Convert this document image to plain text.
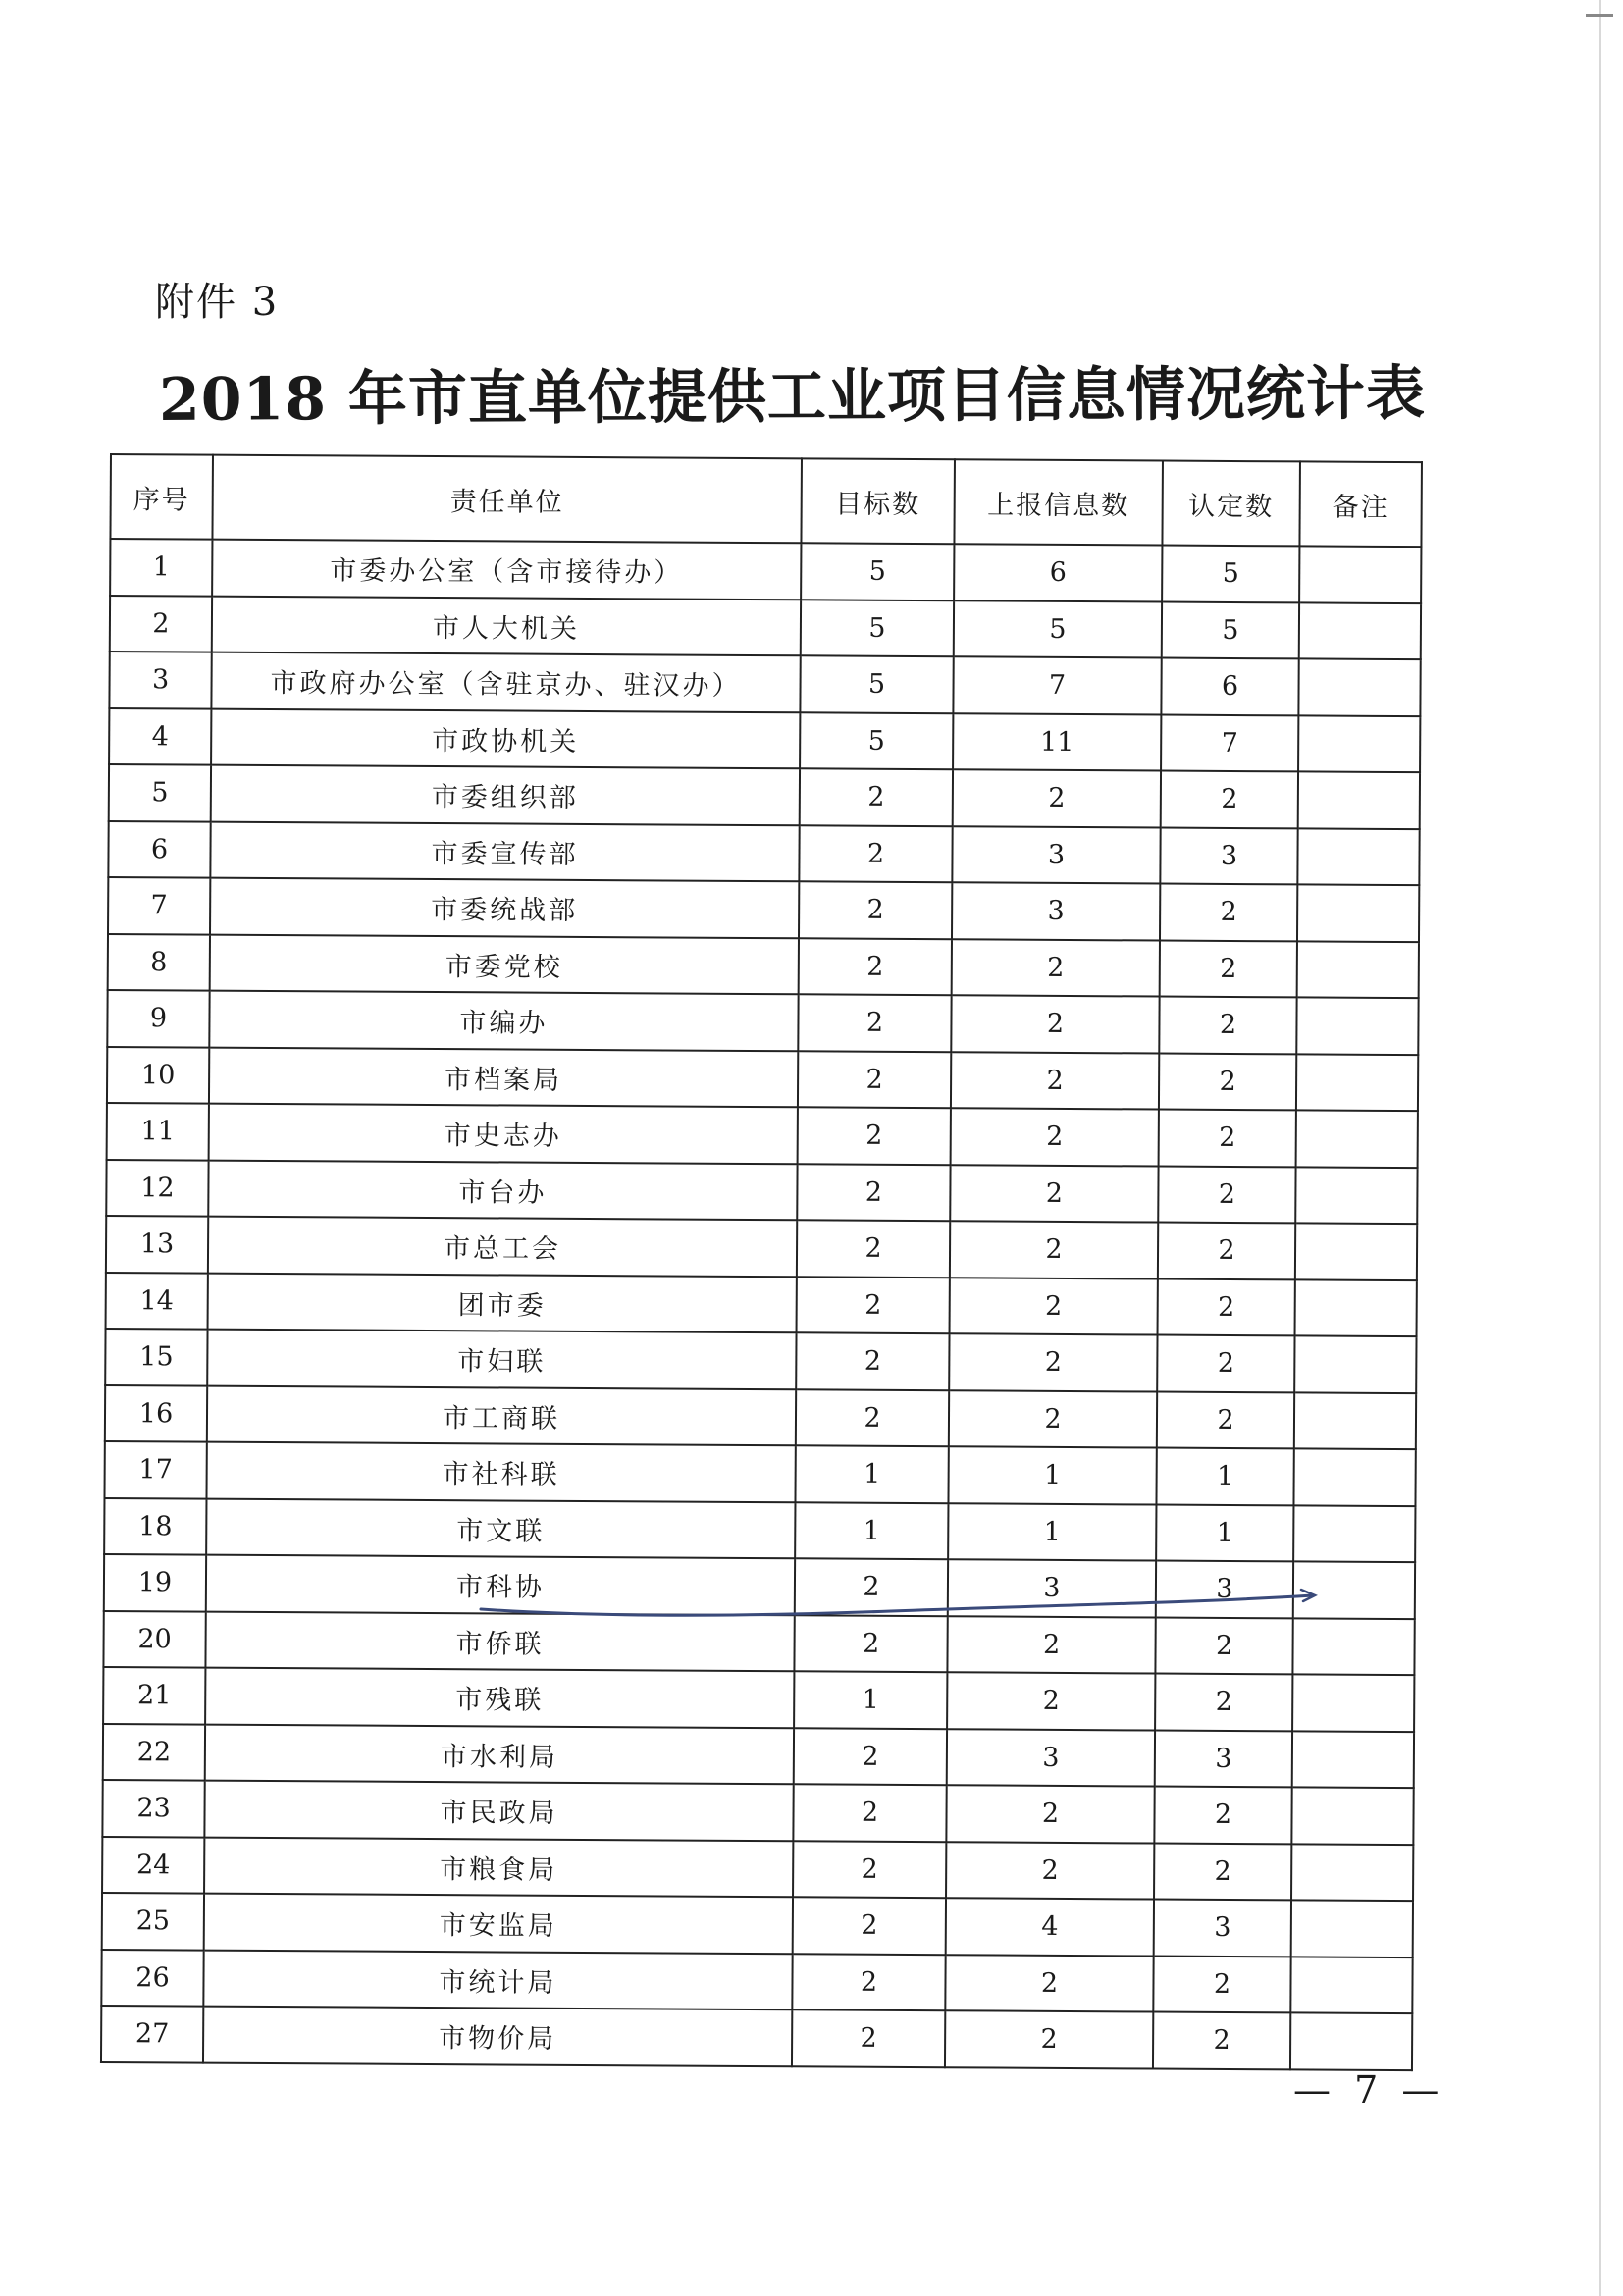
附件 3
2018 年市直单位提供工业项目信息情况统计表
序号	责任单位	目标数	上报信息数	认定数	备注
1	市委办公室（含市接待办）	5	6	5	
2	市人大机关	5	5	5	
3	市政府办公室（含驻京办、驻汉办）	5	7	6	
4	市政协机关	5	11	7	
5	市委组织部	2	2	2	
6	市委宣传部	2	3	3	
7	市委统战部	2	3	2	
8	市委党校	2	2	2	
9	市编办	2	2	2	
10	市档案局	2	2	2	
11	市史志办	2	2	2	
12	市台办	2	2	2	
13	市总工会	2	2	2	
14	团市委	2	2	2	
15	市妇联	2	2	2	
16	市工商联	2	2	2	
17	市社科联	1	1	1	
18	市文联	1	1	1	
19	市科协	2	3	3	
20	市侨联	2	2	2	
21	市残联	1	2	2	
22	市水利局	2	3	3	
23	市民政局	2	2	2	
24	市粮食局	2	2	2	
25	市安监局	2	4	3	
26	市统计局	2	2	2	
27	市物价局	2	2	2	
— 7 —
